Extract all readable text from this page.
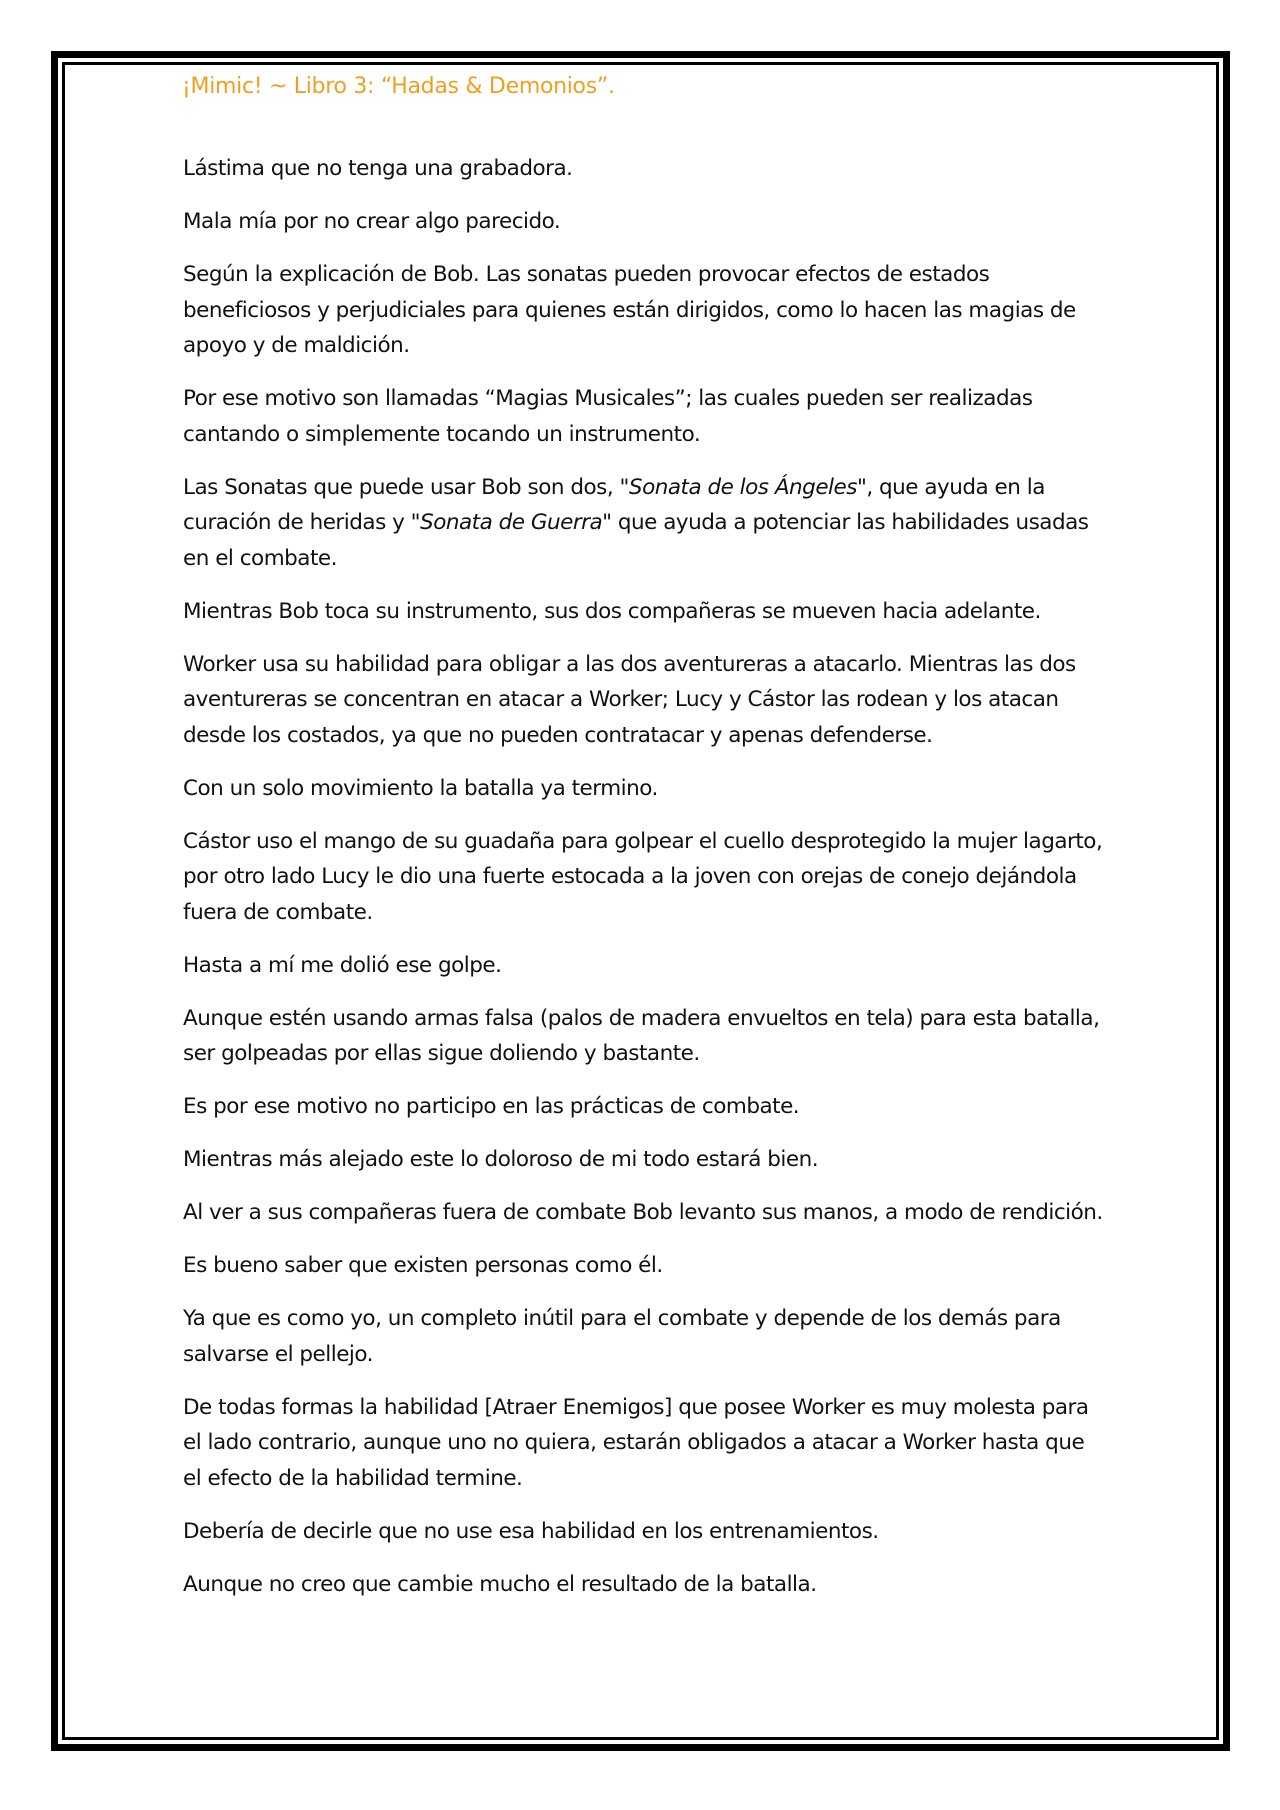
¡Mimic! ~ Libro 3: “Hadas & Demonios”.

Lástima que no tenga una grabadora.

Mala mía por no crear algo parecido.

Según la explicación de Bob. Las sonatas pueden provocar efectos de estados beneficiosos y perjudiciales para quienes están dirigidos, como lo hacen las magias de apoyo y de maldición.

Por ese motivo son llamadas “Magias Musicales”; las cuales pueden ser realizadas cantando o simplemente tocando un instrumento.

Las Sonatas que puede usar Bob son dos, "Sonata de los Ángeles", que ayuda en la curación de heridas y "Sonata de Guerra" que ayuda a potenciar las habilidades usadas en el combate.

Mientras Bob toca su instrumento, sus dos compañeras se mueven hacia adelante.

Worker usa su habilidad para obligar a las dos aventureras a atacarlo. Mientras las dos aventureras se concentran en atacar a Worker; Lucy y Cástor las rodean y los atacan desde los costados, ya que no pueden contratacar y apenas defenderse.

Con un solo movimiento la batalla ya termino.

Cástor uso el mango de su guadaña para golpear el cuello desprotegido la mujer lagarto, por otro lado Lucy le dio una fuerte estocada a la joven con orejas de conejo dejándola fuera de combate.

Hasta a mí me dolió ese golpe.

Aunque estén usando armas falsa (palos de madera envueltos en tela) para esta batalla, ser golpeadas por ellas sigue doliendo y bastante.

Es por ese motivo no participo en las prácticas de combate.

Mientras más alejado este lo doloroso de mi todo estará bien.

Al ver a sus compañeras fuera de combate Bob levanto sus manos, a modo de rendición.

Es bueno saber que existen personas como él.

Ya que es como yo, un completo inútil para el combate y depende de los demás para salvarse el pellejo.

De todas formas la habilidad [Atraer Enemigos] que posee Worker es muy molesta para el lado contrario, aunque uno no quiera, estarán obligados a atacar a Worker hasta que el efecto de la habilidad termine.

Debería de decirle que no use esa habilidad en los entrenamientos.

Aunque no creo que cambie mucho el resultado de la batalla.
